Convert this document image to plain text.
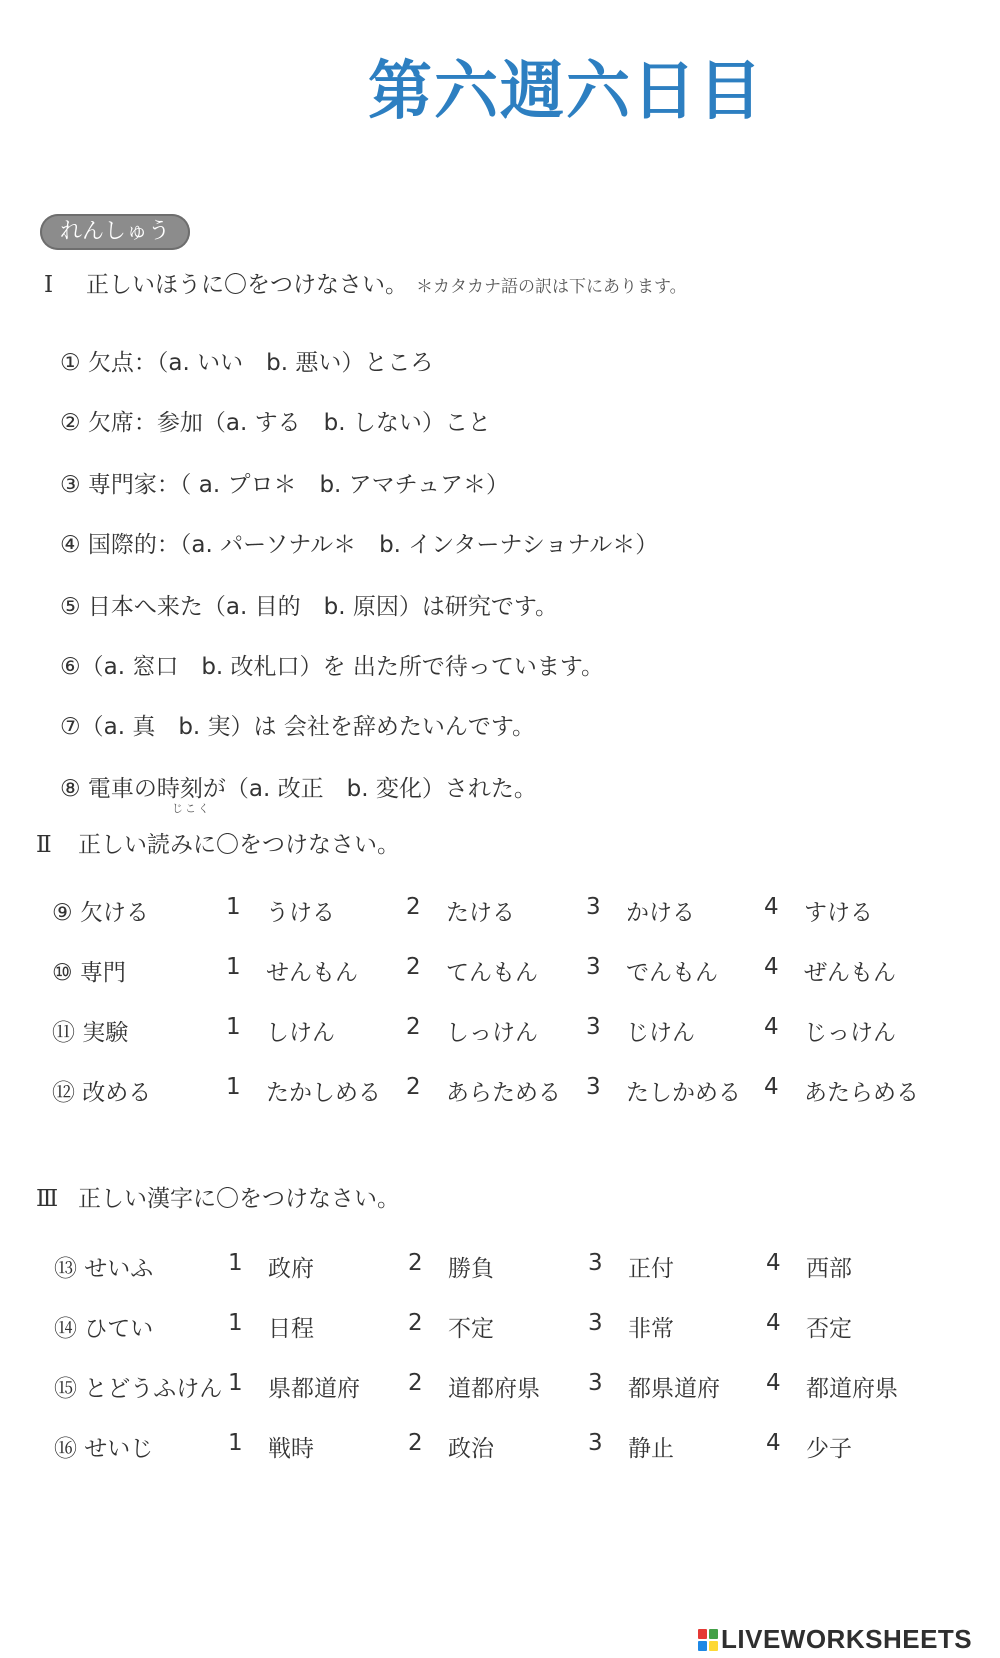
第六週六日目
れんしゅう
Ⅰ 正しいほうに〇をつけなさい。 ＊カタカナ語の訳は下にあります。
① 欠点：（a. いい　b. 悪い）ところ
② 欠席：参加（a. する　b. しない）こと
③ 専門家：（ a. プロ＊　b. アマチュア＊）
④ 国際的：（a. パーソナル＊　b. インターナショナル＊）
⑤ 日本へ来た（a. 目的　b. 原因）は研究です。
⑥（a. 窓口　b. 改札口）を 出た所で待っています。
⑦（a. 真　b. 実）は 会社を辞めたいんです。
⑧ 電車の時刻が（a. 改正　b. 変化）された。
じこく
Ⅱ 正しい読みに〇をつけなさい。
⑨ 欠ける	1 うける	2 たける	3 かける	4 すける
⑩ 専門	1 せんもん 2 てんもん 3 でんもん 4 ぜんもん
⑪ 実験	1 しけん	2 しっけん 3 じけん	4 じっけん
⑫ 改める	1 たかしめる 2 あらためる 3 たしかめる 4 あたらめる
Ⅲ 正しい漢字に〇をつけなさい。
⑬ せいふ	1 政府	2 勝負	3 正付	4 西部
⑭ ひてい	1 日程	2 不定	3 非常	4 否定
⑮ とどうふけん 1 県都道府 2 道都府県 3 都県道府 4 都道府県
⑯ せいじ	1 戦時	2 政治	3 静止	4 少子
LIVEWORKSHEETS
